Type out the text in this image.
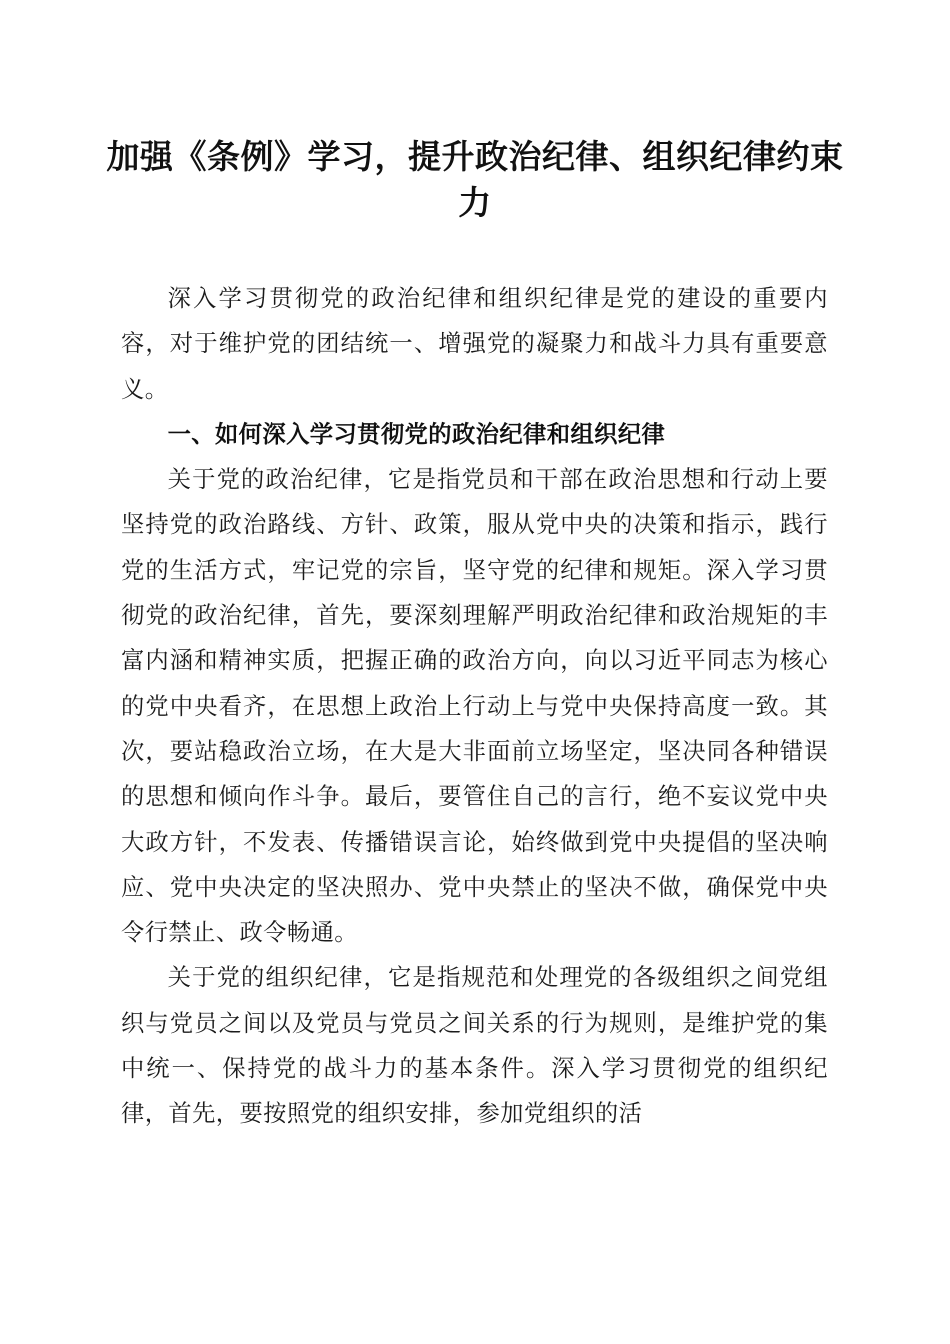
加强《条例》学习，提升政治纪律、组织纪律约束力

深入学习贯彻党的政治纪律和组织纪律是党的建设的重要内容，对于维护党的团结统一、增强党的凝聚力和战斗力具有重要意义。

一、如何深入学习贯彻党的政治纪律和组织纪律

关于党的政治纪律，它是指党员和干部在政治思想和行动上要坚持党的政治路线、方针、政策，服从党中央的决策和指示，践行党的生活方式，牢记党的宗旨，坚守党的纪律和规矩。深入学习贯彻党的政治纪律，首先，要深刻理解严明政治纪律和政治规矩的丰富内涵和精神实质，把握正确的政治方向，向以习近平同志为核心的党中央看齐，在思想上政治上行动上与党中央保持高度一致。其次，要站稳政治立场，在大是大非面前立场坚定，坚决同各种错误的思想和倾向作斗争。最后，要管住自己的言行，绝不妄议党中央大政方针，不发表、传播错误言论，始终做到党中央提倡的坚决响应、党中央决定的坚决照办、党中央禁止的坚决不做，确保党中央令行禁止、政令畅通。

关于党的组织纪律，它是指规范和处理党的各级组织之间党组织与党员之间以及党员与党员之间关系的行为规则，是维护党的集中统一、保持党的战斗力的基本条件。深入学习贯彻党的组织纪律，首先，要按照党的组织安排，参加党组织的活
